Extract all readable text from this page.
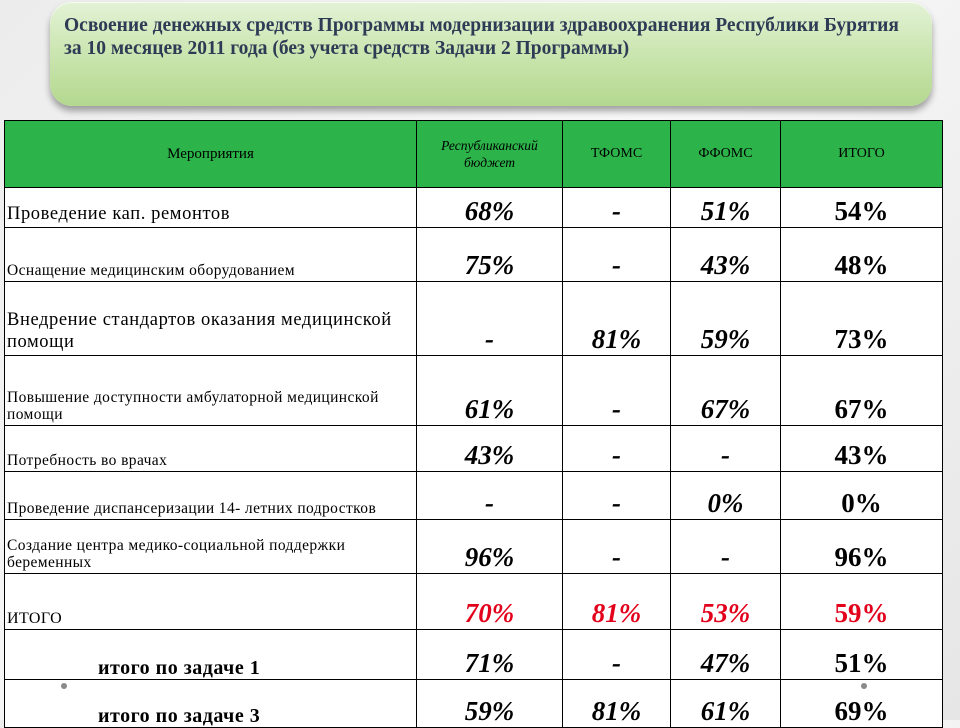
Освоение денежных средств Программы модернизации здравоохранения Республики Бурятия за 10 месяцев 2011 года (без учета средств Задачи 2 Программы)
Мероприятия	Республиканский бюджет	ТФОМС	ФФОМС	ИТОГО
Проведение кап. ремонтов	68%	-	51%	54%
Оснащение медицинским оборудованием	75%	-	43%	48%
Внедрение стандартов оказания медицинской помощи	-	81%	59%	73%
Повышение доступности амбулаторной медицинской помощи	61%	-	67%	67%
Потребность во врачах	43%	-	-	43%
Проведение диспансеризации 14- летних подростков	-	-	0%	0%
Создание центра медико-социальной поддержки беременных	96%	-	-	96%
ИТОГО	70%	81%	53%	59%
итого по задаче 1	71%	-	47%	51%
итого по задаче 3	59%	81%	61%	69%
